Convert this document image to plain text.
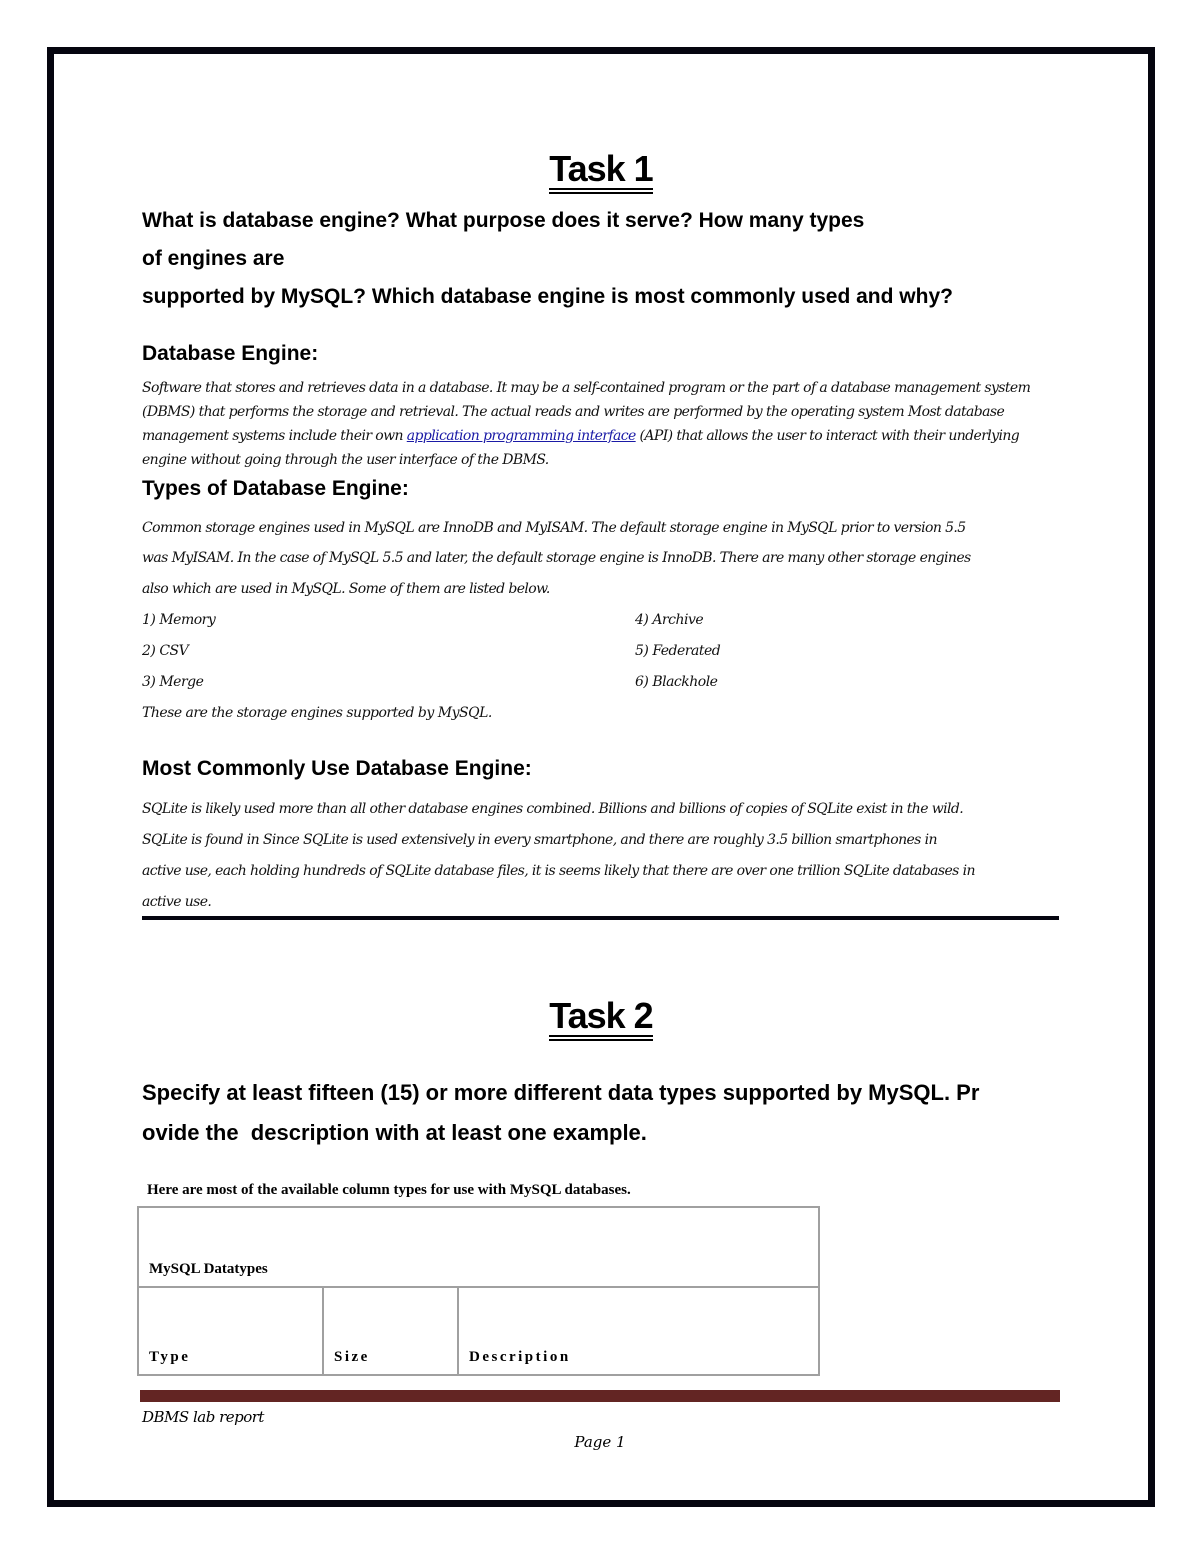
Task 1
What is database engine? What purpose does it serve? How many types
of engines are
supported by MySQL? Which database engine is most commonly used and why?
Database Engine:
Software that stores and retrieves data in a database. It may be a self-contained program or the part of a database management system (DBMS) that performs the storage and retrieval. The actual reads and writes are performed by the operating system Most database management systems include their own application programming interface (API) that allows the user to interact with their underlying engine without going through the user interface of the DBMS.
Types of Database Engine:
Common storage engines used in MySQL are InnoDB and MyISAM. The default storage engine in MySQL prior to version 5.5
was MyISAM. In the case of MySQL 5.5 and later, the default storage engine is InnoDB. There are many other storage engines
also which are used in MySQL. Some of them are listed below.
1) Memory
2) CSV
3) Merge
4) Archive
5) Federated
6) Blackhole
These are the storage engines supported by MySQL.
Most Commonly Use Database Engine:
SQLite is likely used more than all other database engines combined. Billions and billions of copies of SQLite exist in the wild.
SQLite is found in Since SQLite is used extensively in every smartphone, and there are roughly 3.5 billion smartphones in
active use, each holding hundreds of SQLite database files, it is seems likely that there are over one trillion SQLite databases in
active use.
Task 2
Specify at least fifteen (15) or more different data types supported by MySQL. Pr
ovide the  description with at least one example.
Here are most of the available column types for use with MySQL databases.
MySQL Datatypes
Type	Size	Description
DBMS lab report
Page 1
